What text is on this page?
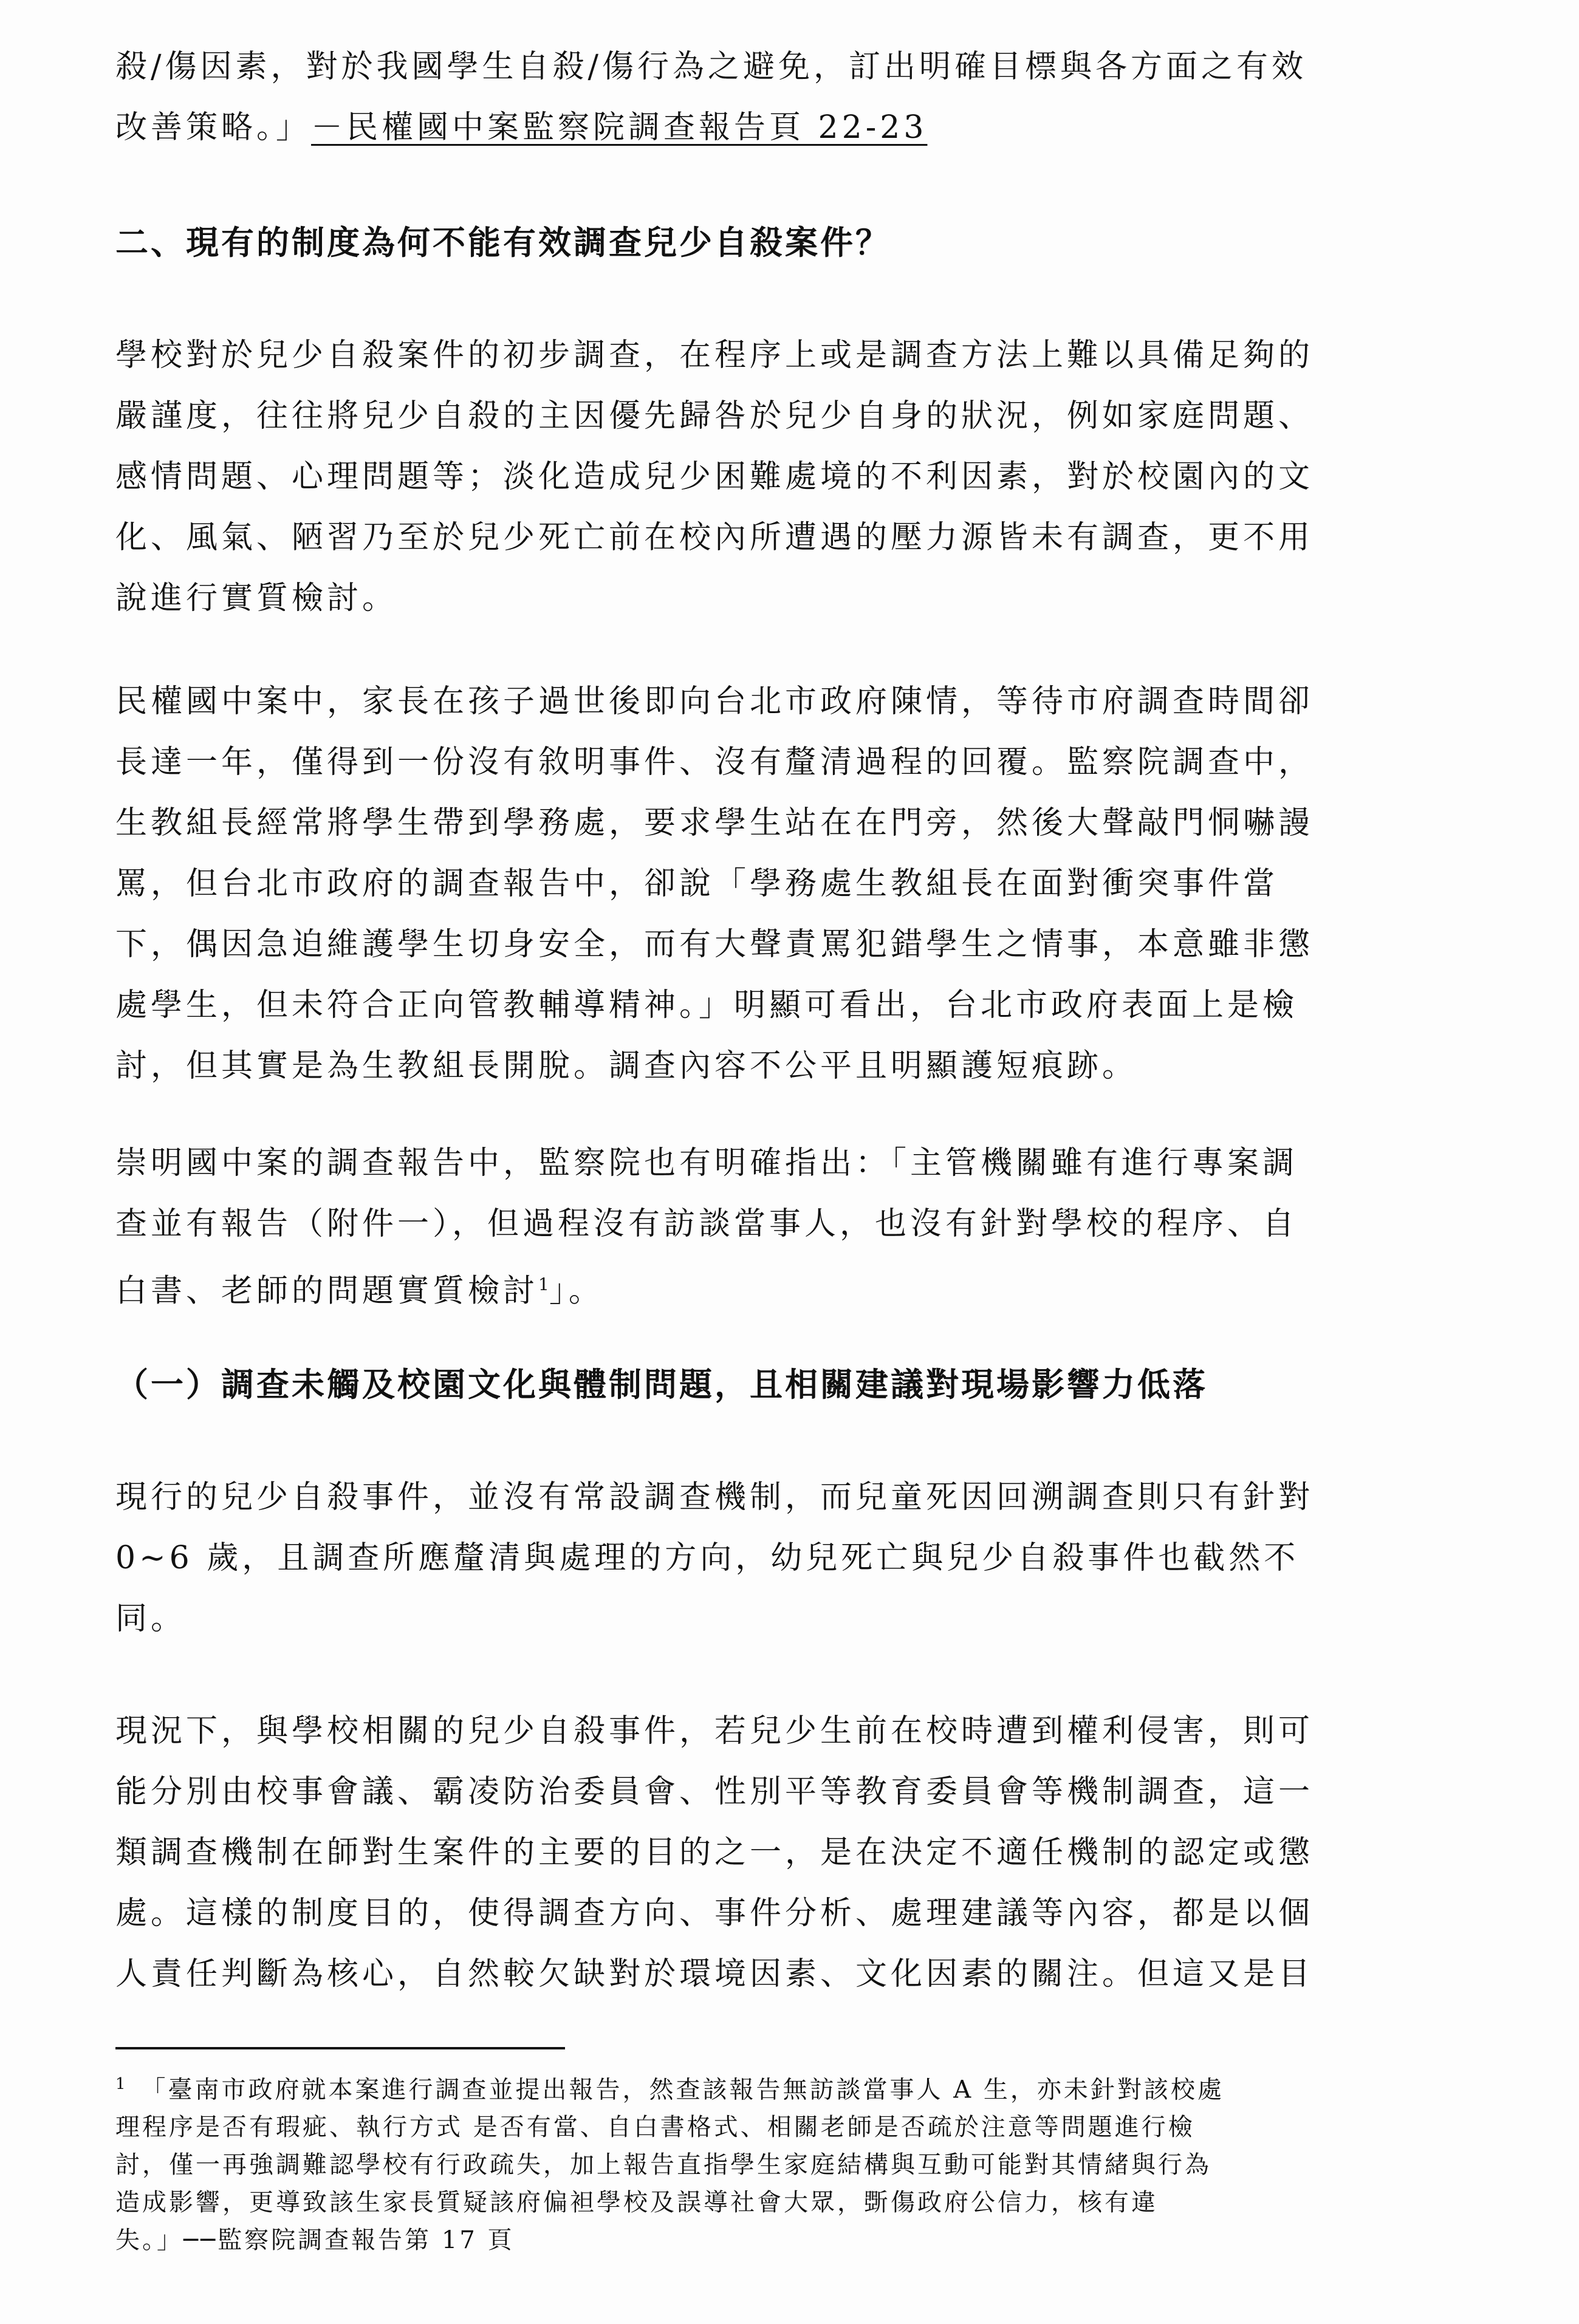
殺/傷因素，對於我國學生自殺/傷行為之避免，訂出明確目標與各方面之有效
改善策略。」－民權國中案監察院調查報告頁 22-23
二、現有的制度為何不能有效調查兒少自殺案件？
學校對於兒少自殺案件的初步調查，在程序上或是調查方法上難以具備足夠的
嚴謹度，往往將兒少自殺的主因優先歸咎於兒少自身的狀況，例如家庭問題、
感情問題、心理問題等；淡化造成兒少困難處境的不利因素，對於校園內的文
化、風氣、陋習乃至於兒少死亡前在校內所遭遇的壓力源皆未有調查，更不用
說進行實質檢討。
民權國中案中，家長在孩子過世後即向台北市政府陳情，等待市府調查時間卻
長達一年，僅得到一份沒有敘明事件、沒有釐清過程的回覆。監察院調查中，
生教組長經常將學生帶到學務處，要求學生站在在門旁，然後大聲敲門恫嚇謾
罵，但台北市政府的調查報告中，卻說「學務處生教組長在面對衝突事件當
下，偶因急迫維護學生切身安全，而有大聲責罵犯錯學生之情事，本意雖非懲
處學生，但未符合正向管教輔導精神。」明顯可看出，台北市政府表面上是檢
討，但其實是為生教組長開脫。調查內容不公平且明顯護短痕跡。
崇明國中案的調查報告中，監察院也有明確指出：「主管機關雖有進行專案調
查並有報告（附件一），但過程沒有訪談當事人，也沒有針對學校的程序、自
白書、老師的問題實質檢討$^1$」。
（一）調查未觸及校園文化與體制問題，且相關建議對現場影響力低落
現行的兒少自殺事件，並沒有常設調查機制，而兒童死因回溯調查則只有針對
0~6 歲，且調查所應釐清與處理的方向，幼兒死亡與兒少自殺事件也截然不
同。
現況下，與學校相關的兒少自殺事件，若兒少生前在校時遭到權利侵害，則可
能分別由校事會議、霸凌防治委員會、性別平等教育委員會等機制調查，這一
類調查機制在師對生案件的主要的目的之一，是在決定不適任機制的認定或懲
處。這樣的制度目的，使得調查方向、事件分析、處理建議等內容，都是以個
人責任判斷為核心，自然較欠缺對於環境因素、文化因素的關注。但這又是目
$^1$ 「臺南市政府就本案進行調查並提出報告，然查該報告無訪談當事人 A 生，亦未針對該校處
理程序是否有瑕疵、執行方式 是否有當、自白書格式、相關老師是否疏於注意等問題進行檢
討，僅一再強調難認學校有行政疏失，加上報告直指學生家庭結構與互動可能對其情緒與行為
造成影響，更導致該生家長質疑該府偏袒學校及誤導社會大眾，斲傷政府公信力，核有違
失。」──監察院調查報告第 17 頁
